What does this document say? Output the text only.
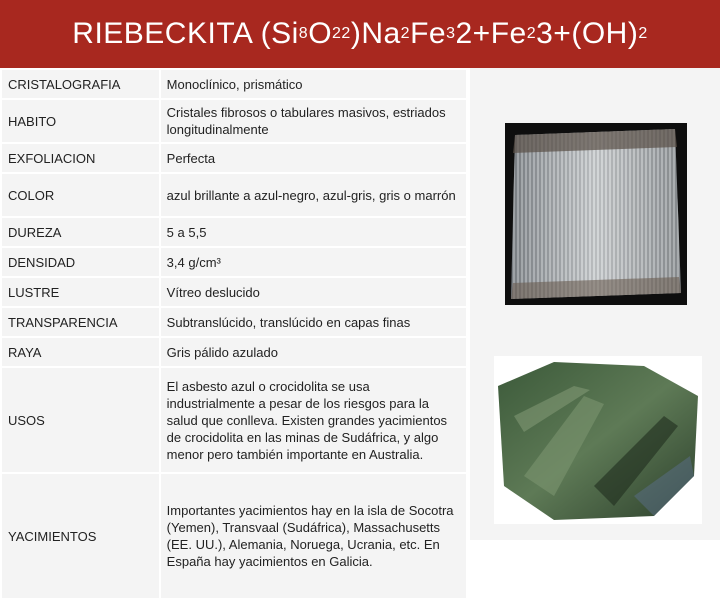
RIEBECKITA (Si 8 O 22 )Na 2 Fe 3 2+Fe 2 3+(OH) 2
CRISTALOGRAFIA	Monoclínico, prismático
HABITO	Cristales fibrosos o tabulares masivos, estriados longitudinalmente
EXFOLIACION	Perfecta
COLOR	azul brillante a azul-negro, azul-gris, gris o marrón
DUREZA	5 a 5,5
DENSIDAD	3,4 g/cm³
LUSTRE	Vítreo deslucido
TRANSPARENCIA	Subtranslúcido, translúcido en capas finas
RAYA	Gris pálido azulado
USOS	El asbesto azul o crocidolita se usa industrialmente a pesar de los riesgos para la salud que conlleva. Existen grandes yacimientos de crocidolita en las minas de Sudáfrica, y algo menor pero también importante en Australia.
YACIMIENTOS	Importantes yacimientos hay en la isla de Socotra (Yemen), Transvaal (Sudáfrica), Massachusetts (EE. UU.), Alemania, Noruega, Ucrania, etc. En España hay yacimientos en Galicia.
